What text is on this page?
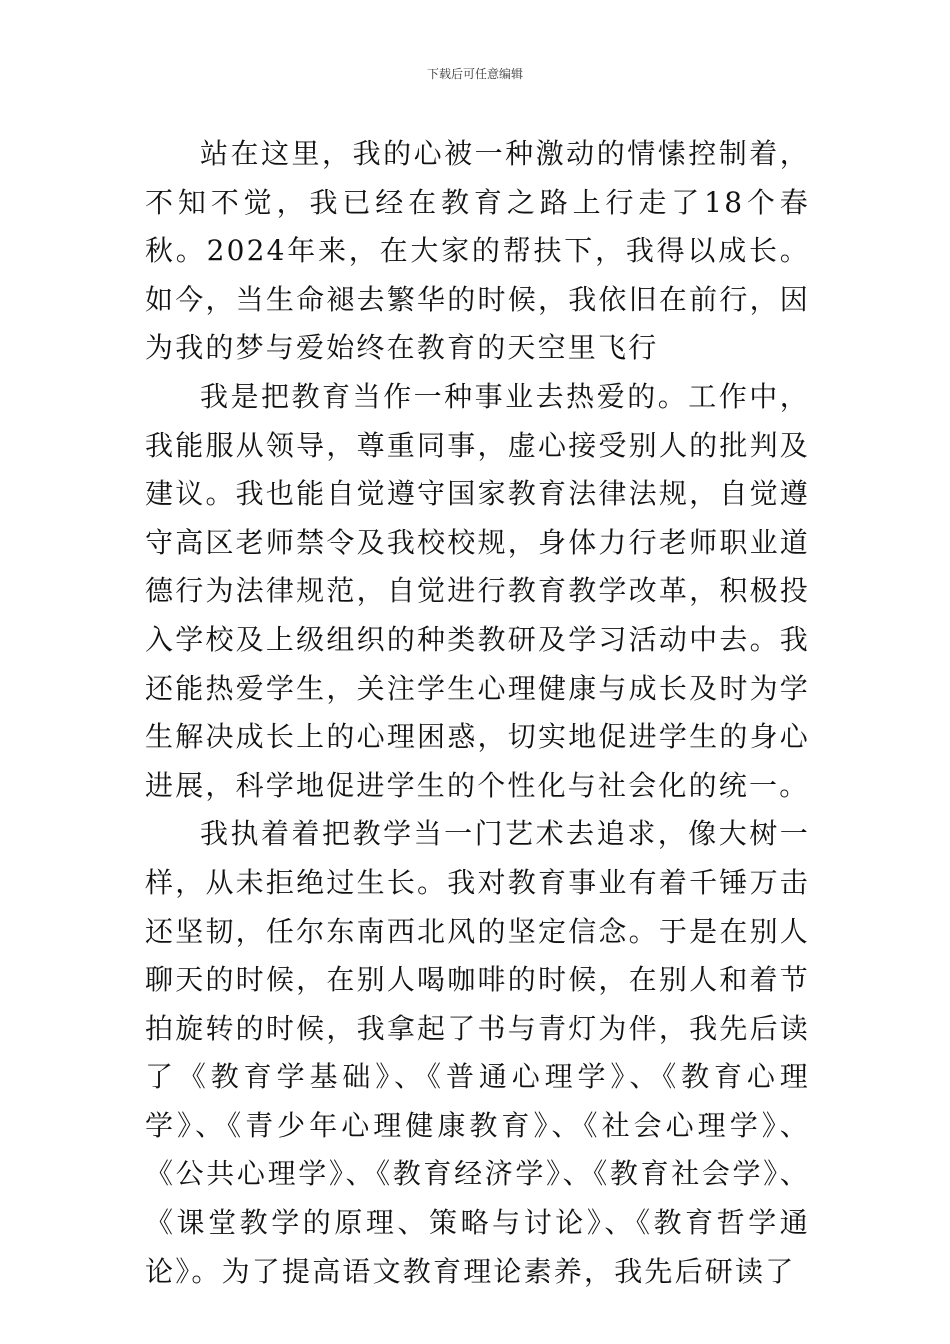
下载后可任意编辑

站在这里，我的心被一种激动的情愫控制着，不知不觉，我已经在教育之路上行走了18个春秋。2024年来，在大家的帮扶下，我得以成长。如今，当生命褪去繁华的时候，我依旧在前行，因为我的梦与爱始终在教育的天空里飞行

我是把教育当作一种事业去热爱的。工作中，我能服从领导，尊重同事，虚心接受别人的批判及建议。我也能自觉遵守国家教育法律法规，自觉遵守高区老师禁令及我校校规，身体力行老师职业道德行为法律规范，自觉进行教育教学改革，积极投入学校及上级组织的种类教研及学习活动中去。我还能热爱学生，关注学生心理健康与成长及时为学生解决成长上的心理困惑，切实地促进学生的身心进展，科学地促进学生的个性化与社会化的统一。

我执着着把教学当一门艺术去追求，像大树一样，从未拒绝过生长。我对教育事业有着千锤万击还坚韧，任尔东南西北风的坚定信念。于是在别人聊天的时候，在别人喝咖啡的时候，在别人和着节拍旋转的时候，我拿起了书与青灯为伴，我先后读了《教育学基础》、《普通心理学》、《教育心理学》、《青少年心理健康教育》、《社会心理学》、《公共心理学》、《教育经济学》、《教育社会学》、《课堂教学的原理、策略与讨论》、《教育哲学通论》。为了提高语文教育理论素养，我先后研读了
